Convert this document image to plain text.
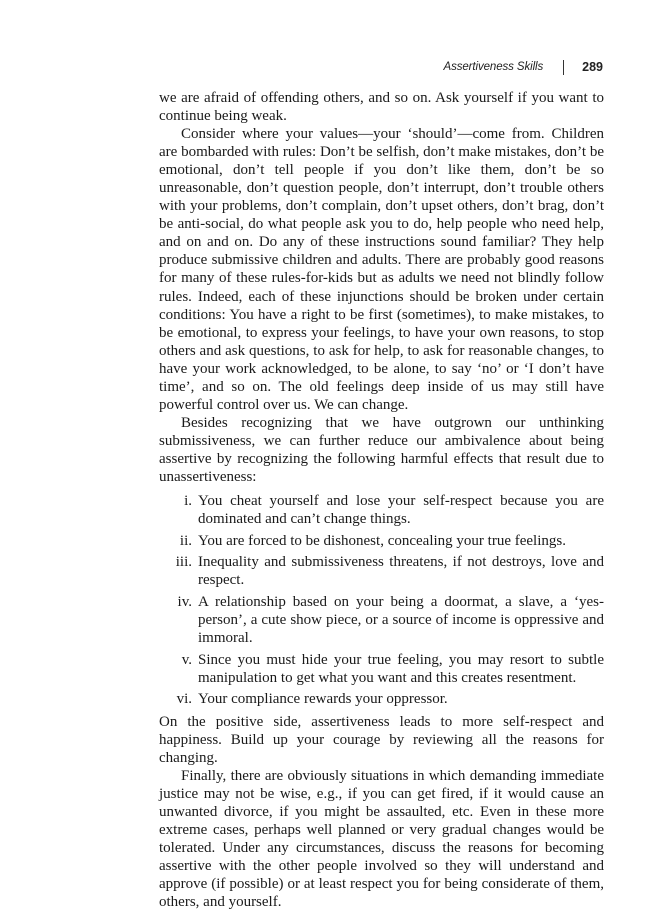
Assertiveness Skills	289

we are afraid of offending others, and so on. Ask yourself if you want to continue being weak.

Consider where your values—your ‘should’—come from. Children are bombarded with rules: Don’t be selfish, don’t make mistakes, don’t be emotional, don’t tell people if you don’t like them, don’t be so unreasonable, don’t question people, don’t interrupt, don’t trouble others with your problems, don’t complain, don’t upset others, don’t brag, don’t be anti-social, do what people ask you to do, help people who need help, and on and on. Do any of these instructions sound familiar? They help produce submissive children and adults. There are probably good reasons for many of these rules-for-kids but as adults we need not blindly follow rules. Indeed, each of these injunctions should be broken under certain conditions: You have a right to be first (sometimes), to make mistakes, to be emotional, to express your feelings, to have your own reasons, to stop others and ask questions, to ask for help, to ask for reasonable changes, to have your work acknowledged, to be alone, to say ‘no’ or ‘I don’t have time’, and so on. The old feelings deep inside of us may still have powerful control over us. We can change.

Besides recognizing that we have outgrown our unthinking submissiveness, we can further reduce our ambivalence about being assertive by recognizing the following harmful effects that result due to unassertiveness:

i. You cheat yourself and lose your self-respect because you are dominated and can’t change things.
ii. You are forced to be dishonest, concealing your true feelings.
iii. Inequality and submissiveness threatens, if not destroys, love and respect.
iv. A relationship based on your being a doormat, a slave, a ‘yes-person’, a cute show piece, or a source of income is oppressive and immoral.
v. Since you must hide your true feeling, you may resort to subtle manipulation to get what you want and this creates resentment.
vi. Your compliance rewards your oppressor.

On the positive side, assertiveness leads to more self-respect and happiness. Build up your courage by reviewing all the reasons for changing.

Finally, there are obviously situations in which demanding immediate justice may not be wise, e.g., if you can get fired, if it would cause an unwanted divorce, if you might be assaulted, etc. Even in these more extreme cases, perhaps well planned or very gradual changes would be tolerated. Under any circumstances, discuss the reasons for becoming assertive with the other people involved so they will understand and approve (if possible) or at least respect you for being considerate of them, others, and yourself.
